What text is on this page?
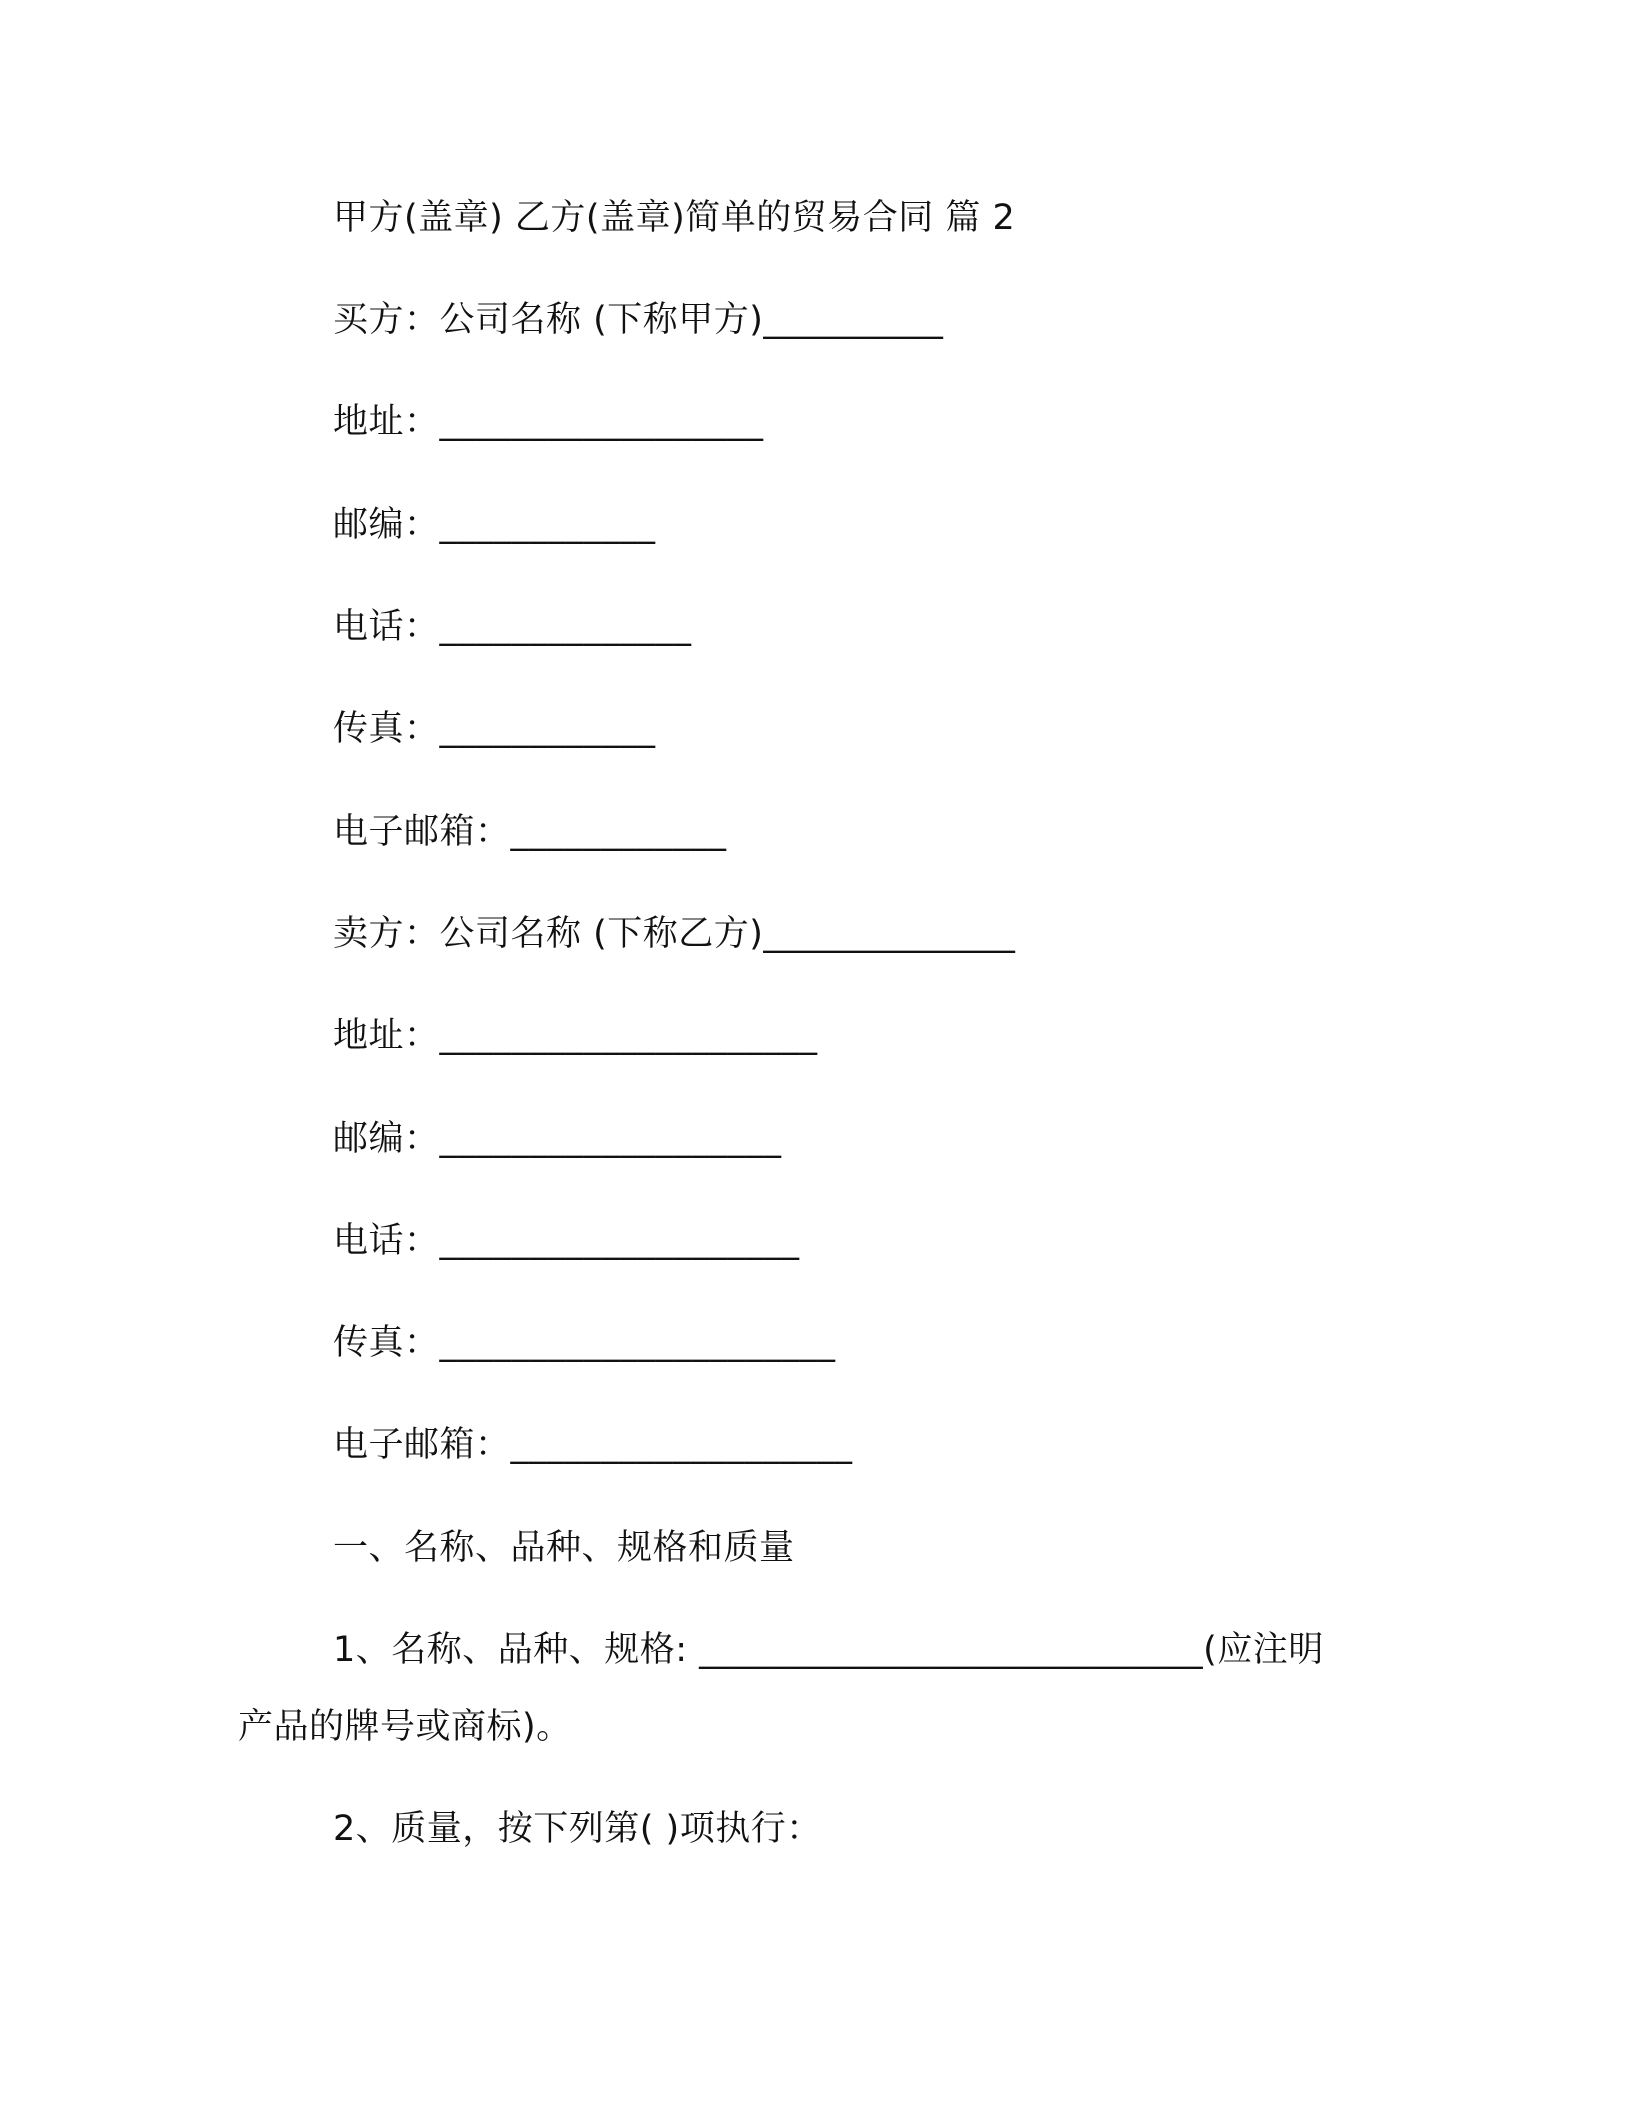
甲方(盖章) 乙方(盖章)简单的贸易合同 篇 2
买方：公司名称 (下称甲方)__________
地址：__________________
邮编：____________
电话：______________
传真：____________
电子邮箱：____________
卖方：公司名称 (下称乙方)______________
地址：_____________________
邮编：___________________
电话：____________________
传真：______________________
电子邮箱：___________________
一、名称、品种、规格和质量
1、名称、品种、规格: ____________________________(应注明
产品的牌号或商标)。
2、质量，按下列第( )项执行：
